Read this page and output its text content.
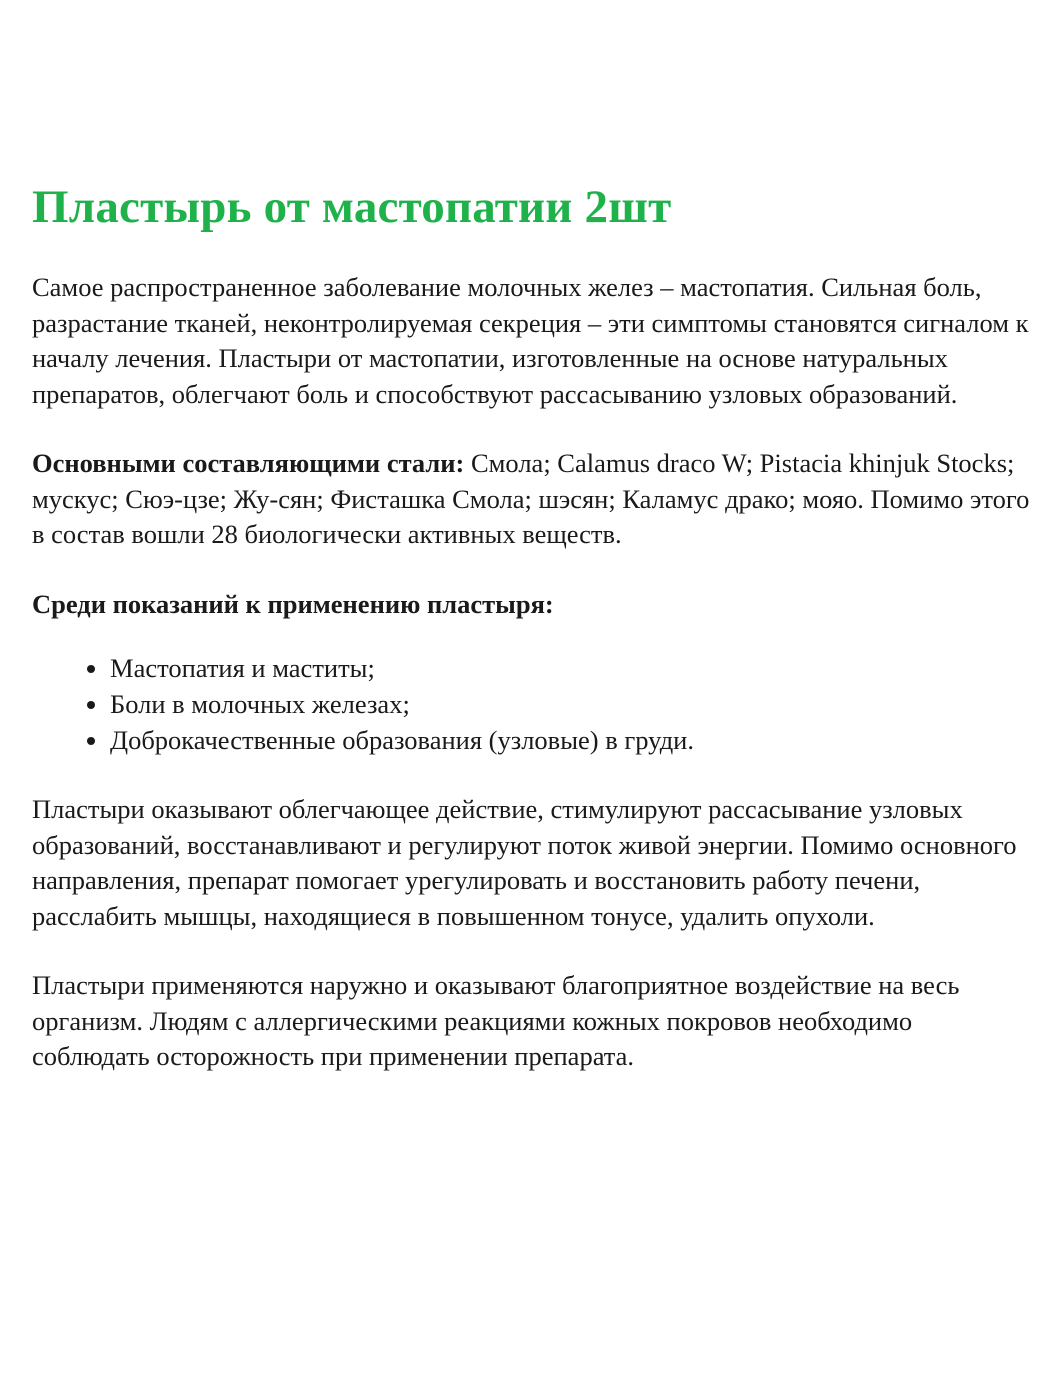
Пластырь от мастопатии 2шт

Самое распространенное заболевание молочных желез – мастопатия. Сильная боль, разрастание тканей, неконтролируемая секреция – эти симптомы становятся сигналом к началу лечения. Пластыри от мастопатии, изготовленные на основе натуральных препаратов, облегчают боль и способствуют рассасыванию узловых образований.

Основными составляющими стали: Смола; Calamus draco W; Pistacia khinjuk Stocks; мускус; Сюэ-цзе; Жу-сян; Фисташка Смола; шэсян; Каламус драко; мояо. Помимо этого в состав вошли 28 биологически активных веществ.

Среди показаний к применению пластыря:

• Мастопатия и маститы;
• Боли в молочных железах;
• Доброкачественные образования (узловые) в груди.

Пластыри оказывают облегчающее действие, стимулируют рассасывание узловых образований, восстанавливают и регулируют поток живой энергии. Помимо основного направления, препарат помогает урегулировать и восстановить работу печени, расслабить мышцы, находящиеся в повышенном тонусе, удалить опухоли.

Пластыри применяются наружно и оказывают благоприятное воздействие на весь организм. Людям с аллергическими реакциями кожных покровов необходимо соблюдать осторожность при применении препарата.
